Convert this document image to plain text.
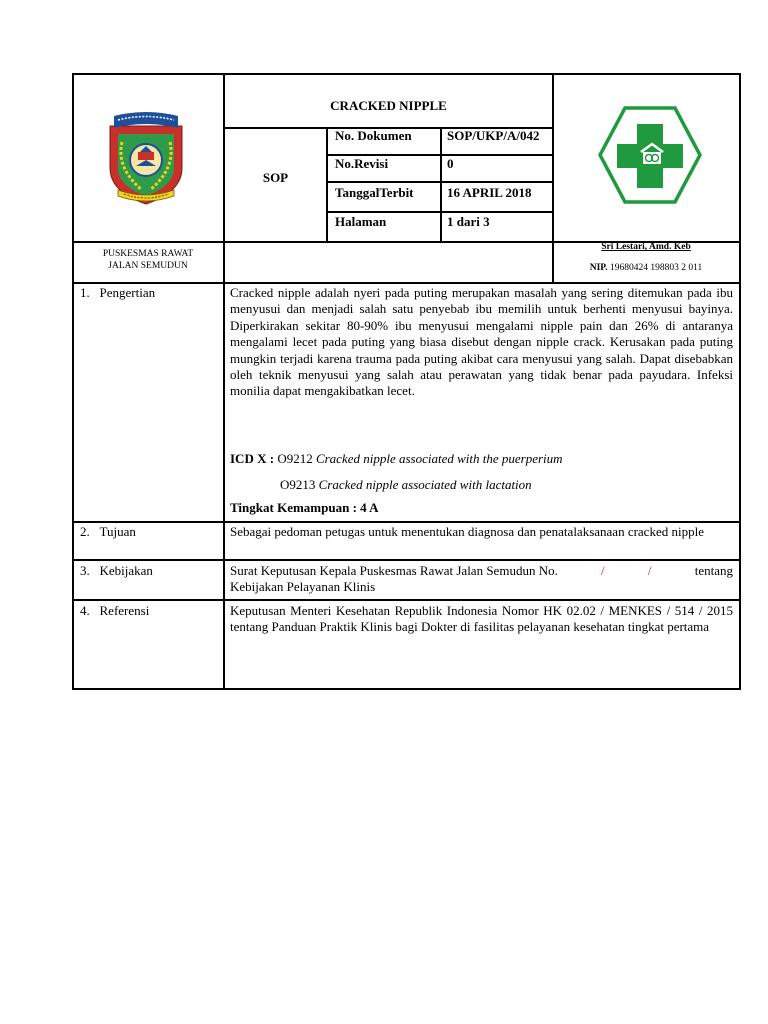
CRACKED NIPPLE
SOP
No. Dokumen	SOP/UKP/A/042
No.Revisi	0
TanggalTerbit	16 APRIL 2018
Halaman	1 dari 3
PUSKESMAS RAWAT JALAN SEMUDUN
Sri Lestari, Amd. Keb
NIP. 19680424 198803 2 011
1.   Pengertian	Cracked nipple adalah nyeri pada puting merupakan masalah yang sering ditemukan pada ibu menyusui dan menjadi salah satu penyebab ibu memilih untuk berhenti menyusui bayinya. Diperkirakan sekitar 80-90% ibu menyusui mengalami nipple pain dan 26% di antaranya mengalami lecet pada puting yang biasa disebut dengan nipple crack. Kerusakan pada puting mungkin terjadi karena trauma pada puting akibat cara menyusui yang salah. Dapat disebabkan oleh teknik menyusui yang salah atau perawatan yang tidak benar pada payudara. Infeksi monilia dapat mengakibatkan lecet.
ICD X : O9212 Cracked nipple associated with the puerperium
O9213 Cracked nipple associated with lactation
Tingkat Kemampuan : 4 A
2.   Tujuan	Sebagai pedoman petugas untuk menentukan diagnosa dan penatalaksanaan cracked nipple
3.   Kebijakan	Surat Keputusan Kepala Puskesmas Rawat Jalan Semudun No.	/	/	tentang
Kebijakan Pelayanan Klinis
4.   Referensi	Keputusan Menteri Kesehatan Republik Indonesia Nomor HK 02.02 / MENKES / 514 / 2015 tentang Panduan Praktik Klinis bagi Dokter di fasilitas pelayanan kesehatan tingkat pertama
